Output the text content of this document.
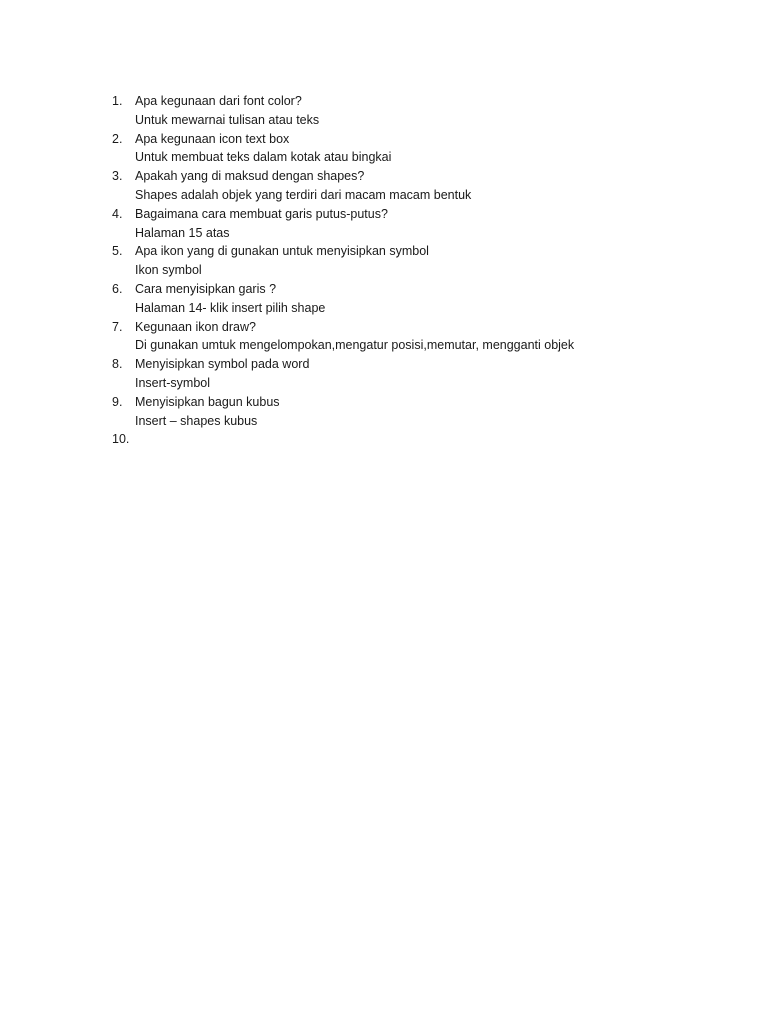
1.	Apa kegunaan dari font color?
Untuk mewarnai tulisan atau teks
2.	Apa kegunaan icon text box
Untuk membuat teks dalam kotak atau bingkai
3.	Apakah yang di maksud dengan shapes?
Shapes adalah objek yang terdiri dari macam macam bentuk
4.	Bagaimana cara membuat garis putus-putus?
Halaman 15 atas
5.	Apa ikon yang di gunakan untuk menyisipkan symbol
Ikon symbol
6.	Cara menyisipkan garis ?
Halaman 14- klik insert pilih shape
7.	Kegunaan ikon draw?
Di gunakan umtuk mengelompokan,mengatur posisi,memutar, mengganti objek
8.	Menyisipkan symbol pada word
Insert-symbol
9.	Menyisipkan bagun kubus
Insert – shapes kubus
10.
